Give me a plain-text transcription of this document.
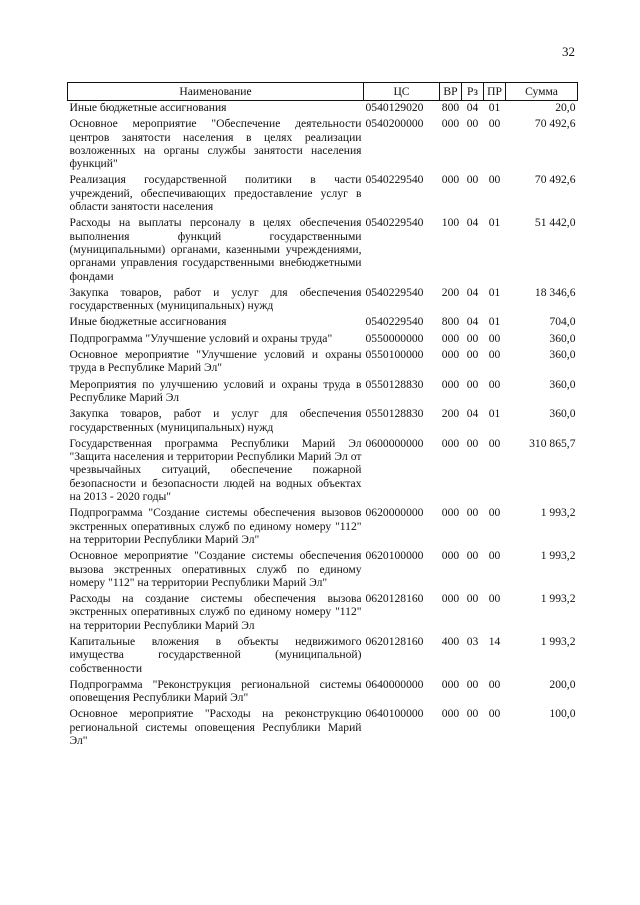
32
Наименование	ЦС	ВР	Рз	ПР	Сумма
Иные бюджетные ассигнования	0540129020	800	04	01	20,0
Основное мероприятие "Обеспечение деятельности центров занятости населения в целях реализации возложенных на органы службы занятости населения функций"	0540200000	000	00	00	70 492,6
Реализация государственной политики в части учреждений, обеспечивающих предоставление услуг в области занятости населения	0540229540	000	00	00	70 492,6
Расходы на выплаты персоналу в целях обеспечения выполнения функций государственными (муниципальными) органами, казенными учреждениями, органами управления государственными внебюджетными фондами	0540229540	100	04	01	51 442,0
Закупка товаров, работ и услуг для обеспечения государственных (муниципальных) нужд	0540229540	200	04	01	18 346,6
Иные бюджетные ассигнования	0540229540	800	04	01	704,0
Подпрограмма "Улучшение условий и охраны труда"	0550000000	000	00	00	360,0
Основное мероприятие "Улучшение условий и охраны труда в Республике Марий Эл"	0550100000	000	00	00	360,0
Мероприятия по улучшению условий и охраны труда в Республике Марий Эл	0550128830	000	00	00	360,0
Закупка товаров, работ и услуг для обеспечения государственных (муниципальных) нужд	0550128830	200	04	01	360,0
Государственная программа Республики Марий Эл "Защита населения и территории Республики Марий Эл от чрезвычайных ситуаций, обеспечение пожарной безопасности и безопасности людей на водных объектах на 2013 - 2020 годы"	0600000000	000	00	00	310 865,7
Подпрограмма "Создание системы обеспечения вызовов экстренных оперативных служб по единому номеру "112" на территории Республики Марий Эл"	0620000000	000	00	00	1 993,2
Основное мероприятие "Создание системы обеспечения вызова экстренных оперативных служб по единому номеру "112" на территории Республики Марий Эл"	0620100000	000	00	00	1 993,2
Расходы на создание системы обеспечения вызова экстренных оперативных служб по единому номеру "112" на территории Республики Марий Эл	0620128160	000	00	00	1 993,2
Капитальные вложения в объекты недвижимого имущества государственной (муниципальной) собственности	0620128160	400	03	14	1 993,2
Подпрограмма "Реконструкция региональной системы оповещения Республики Марий Эл"	0640000000	000	00	00	200,0
Основное мероприятие "Расходы на реконструкцию региональной системы оповещения Республики Марий Эл"	0640100000	000	00	00	100,0
